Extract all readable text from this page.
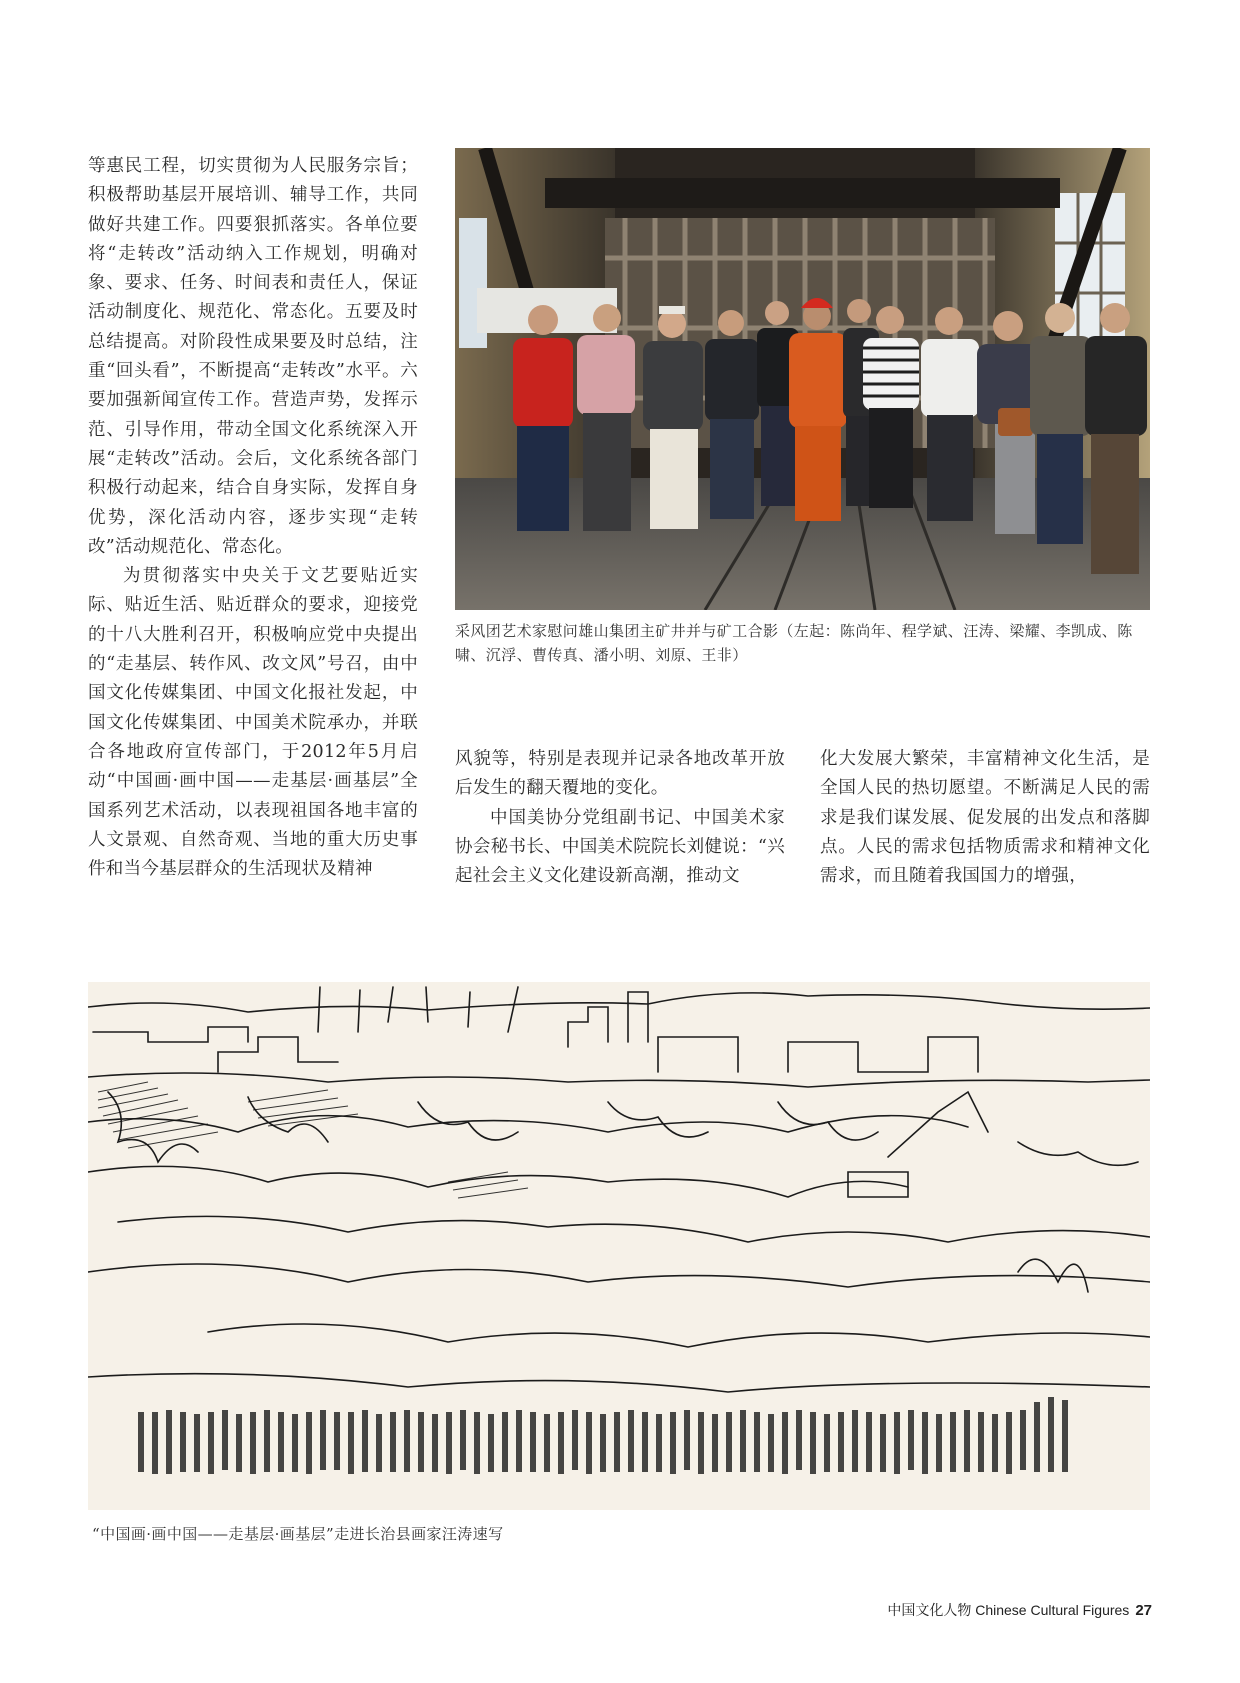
等惠民工程，切实贯彻为人民服务宗旨；积极帮助基层开展培训、辅导工作，共同做好共建工作。四要狠抓落实。各单位要将“走转改”活动纳入工作规划，明确对象、要求、任务、时间表和责任人，保证活动制度化、规范化、常态化。五要及时总结提高。对阶段性成果要及时总结，注重“回头看”，不断提高“走转改”水平。六要加强新闻宣传工作。营造声势，发挥示范、引导作用，带动全国文化系统深入开展“走转改”活动。会后，文化系统各部门积极行动起来，结合自身实际，发挥自身优势，深化活动内容，逐步实现“走转改”活动规范化、常态化。

为贯彻落实中央关于文艺要贴近实际、贴近生活、贴近群众的要求，迎接党的十八大胜利召开，积极响应党中央提出的“走基层、转作风、改文风”号召，由中国文化传媒集团、中国文化报社发起，中国文化传媒集团、中国美术院承办，并联合各地政府宣传部门，于2012年5月启动“中国画·画中国——走基层·画基层”全国系列艺术活动，以表现祖国各地丰富的人文景观、自然奇观、当地的重大历史事件和当今基层群众的生活现状及精神

采风团艺术家慰问雄山集团主矿井并与矿工合影（左起：陈尚年、程学斌、汪涛、梁耀、李凯成、陈啸、沉浮、曹传真、潘小明、刘原、王非）

风貌等，特别是表现并记录各地改革开放后发生的翻天覆地的变化。

中国美协分党组副书记、中国美术家协会秘书长、中国美术院院长刘健说：“兴起社会主义文化建设新高潮，推动文

化大发展大繁荣，丰富精神文化生活，是全国人民的热切愿望。不断满足人民的需求是我们谋发展、促发展的出发点和落脚点。人民的需求包括物质需求和精神文化需求，而且随着我国国力的增强，

“中国画·画中国——走基层·画基层”走进长治县画家汪涛速写
中国文化人物 Chinese Cultural Figures 27
